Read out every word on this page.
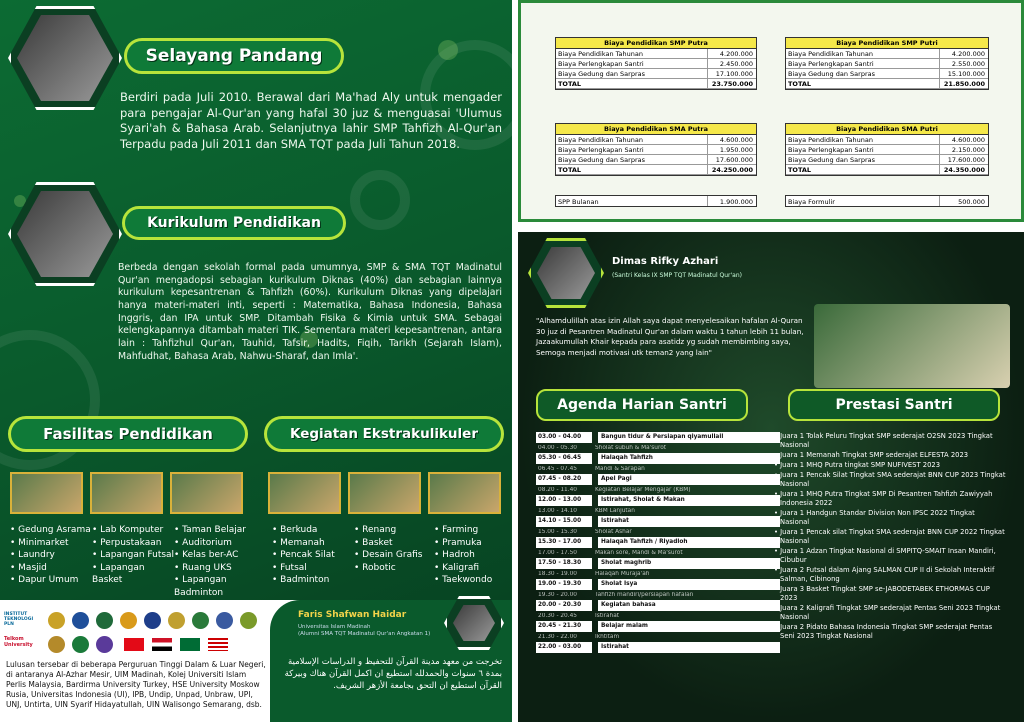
Selayang Pandang

Berdiri pada Juli 2010. Berawal dari Ma'had Aly untuk mengader para pengajar Al-Qur'an yang hafal 30 juz & menguasai 'Ulumus Syari'ah & Bahasa Arab. Selanjutnya lahir SMP Tahfizh Al-Qur'an Terpadu pada Juli 2011 dan SMA TQT pada Juli Tahun 2018.

Kurikulum Pendidikan

Berbeda dengan sekolah formal pada umumnya, SMP & SMA TQT Madinatul Qur'an mengadopsi sebagian kurikulum Diknas (40%) dan sebagian lainnya kurikulum kepesantrenan & Tahfizh (60%). Kurikulum Diknas yang dipelajari hanya materi-materi inti, seperti : Matematika, Bahasa Indonesia, Bahasa Inggris, dan IPA untuk SMP. Ditambah Fisika & Kimia untuk SMA. Sebagai kelengkapannya ditambah materi TIK. Sementara materi kepesantrenan, antara lain : Tahfizhul Qur'an, Tauhid, Tafsir, Hadits, Fiqih, Tarikh (Sejarah Islam), Mahfudhat, Bahasa Arab, Nahwu-Sharaf, dan Imla'.

Fasilitas Pendidikan	Kegiatan Ekstrakulikuler
• Gedung Asrama
• Minimarket
• Laundry
• Masjid
• Dapur Umum
• Lab Komputer
• Perpustakaan
• Lapangan Futsal
• Lapangan Basket
• Taman Belajar
• Auditorium
• Kelas ber-AC
• Ruang UKS
• Lapangan Badminton
• Berkuda
• Memanah
• Pencak Silat
• Futsal
• Badminton
• Renang
• Basket
• Desain Grafis
• Robotic
• Farming
• Pramuka
• Hadroh
• Kaligrafi
• Taekwondo
INSTITUT TEKNOLOGI PLN
Telkom University

Lulusan tersebar di beberapa Perguruan Tinggi Dalam & Luar Negeri, di antaranya Al-Azhar Mesir, UIM Madinah, Kolej Universiti Islam Perlis Malaysia, Bardirma University Turkey, HSE University Moskow Rusia, Universitas Indonesia (UI), IPB, Undip, Unpad, Unbraw, UPI, UNJ, Untirta, UIN Syarif Hidayatullah, UIN Walisongo Semarang, dsb.

Faris Shafwan Haidar
Universitas Islam Madinah
(Alumni SMA TQT Madinatul Qur'an Angkatan 1)

تخرجت من معهد مدينة القرآن للتحفيظ و الدراسات الإسلامية بمدة ٦ سنوات والحمدلله استطيع ان اكمل القرآن هناك وبيركة القرآن استطيع ان التحق بجامعة الأزهر الشريف.

Biaya Pendidikan SMP Putra
Biaya Pendidikan Tahunan	4.200.000
Biaya Perlengkapan Santri	2.450.000
Biaya Gedung dan Sarpras	17.100.000
TOTAL	23.750.000
Biaya Pendidikan SMP Putri
Biaya Pendidikan Tahunan	4.200.000
Biaya Perlengkapan Santri	2.550.000
Biaya Gedung dan Sarpras	15.100.000
TOTAL	21.850.000
Biaya Pendidikan SMA Putra
Biaya Pendidikan Tahunan	4.600.000
Biaya Perlengkapan Santri	1.950.000
Biaya Gedung dan Sarpras	17.600.000
TOTAL	24.250.000
Biaya Pendidikan SMA Putri
Biaya Pendidikan Tahunan	4.600.000
Biaya Perlengkapan Santri	2.150.000
Biaya Gedung dan Sarpras	17.600.000
TOTAL	24.350.000
SPP Bulanan	1.900.000	Biaya Formulir	500.000
Dimas Rifky Azhari
(Santri Kelas IX SMP TQT Madinatul Qur'an)

"Alhamdulillah atas izin Allah saya dapat menyelesaikan hafalan Al-Quran 30 juz di Pesantren Madinatul Qur'an dalam waktu 1 tahun lebih 11 bulan, Jazaakumullah Khair kepada para asatidz yg sudah membimbing saya, Semoga menjadi motivasi utk teman2 yang lain"

Agenda Harian Santri	Prestasi Santri
03.00 - 04.00	Bangun tidur & Persiapan qiyamullail
04.00 - 05.30	Sholat subuh & Ma'surot
05.30 - 06.45	Halaqah Tahfizh
06.45 - 07.45	Mandi & Sarapan
07.45 - 08.20	Apel Pagi
08.20 - 11.40	Kegiatan Belajar Mengajar (KBM)
12.00 - 13.00	Istirahat, Sholat & Makan
13.00 - 14.10	KBM Lanjutan
14.10 - 15.00	Istirahat
15.00 - 15.30	Sholat Ashar
15.30 - 17.00	Halaqah Tahfizh / Riyadloh
17.00 - 17.50	Makan sore, Mandi & Ma'surot
17.50 - 18.30	Sholat maghrib
18.30 - 19.00	Halaqah Muraja'ah
19.00 - 19.30	Sholat Isya
19.30 - 20.00	Tahfizh mandiri/persiapan hafalan
20.00 - 20.30	Kegiatan bahasa
20.30 - 20.45	Istirahat
20.45 - 21.30	Belajar malam
21.30 - 22.00	Ikhtitam
22.00 - 03.00	Istirahat
• Juara 1 Tolak Peluru Tingkat SMP sederajat O2SN 2023 Tingkat Nasional
• Juara 1 Memanah Tingkat SMP sederajat ELFESTA 2023
• Juara 1 MHQ Putra tingkat SMP NUFIVEST 2023
• Juara 1 Pencak Silat Tingkat SMA sederajat BNN CUP 2023 Tingkat Nasional
• Juara 1 MHQ Putra Tingkat SMP Di Pesantren Tahfizh Zawiyyah Indonesia 2022
• Juara 1 Handgun Standar Division Non IPSC 2022 Tingkat Nasional
• Juara 1 Pencak silat Tingkat SMA sederajat BNN CUP 2022 Tingkat Nasional
• Juara 1 Adzan Tingkat Nasional di SMPITQ-SMAIT Insan Mandiri, Cibubur
• Juara 2 Futsal dalam Ajang SALMAN CUP II di Sekolah Interaktif Salman, Cibinong
• Juara 3 Basket Tingkat SMP se-JABODETABEK ETHORMAS CUP 2023
• Juara 2 Kaligrafi Tingkat SMP sederajat Pentas Seni 2023 Tingkat Nasional
• Juara 2 Pidato Bahasa Indonesia Tingkat SMP sederajat Pentas Seni 2023 Tingkat Nasional
